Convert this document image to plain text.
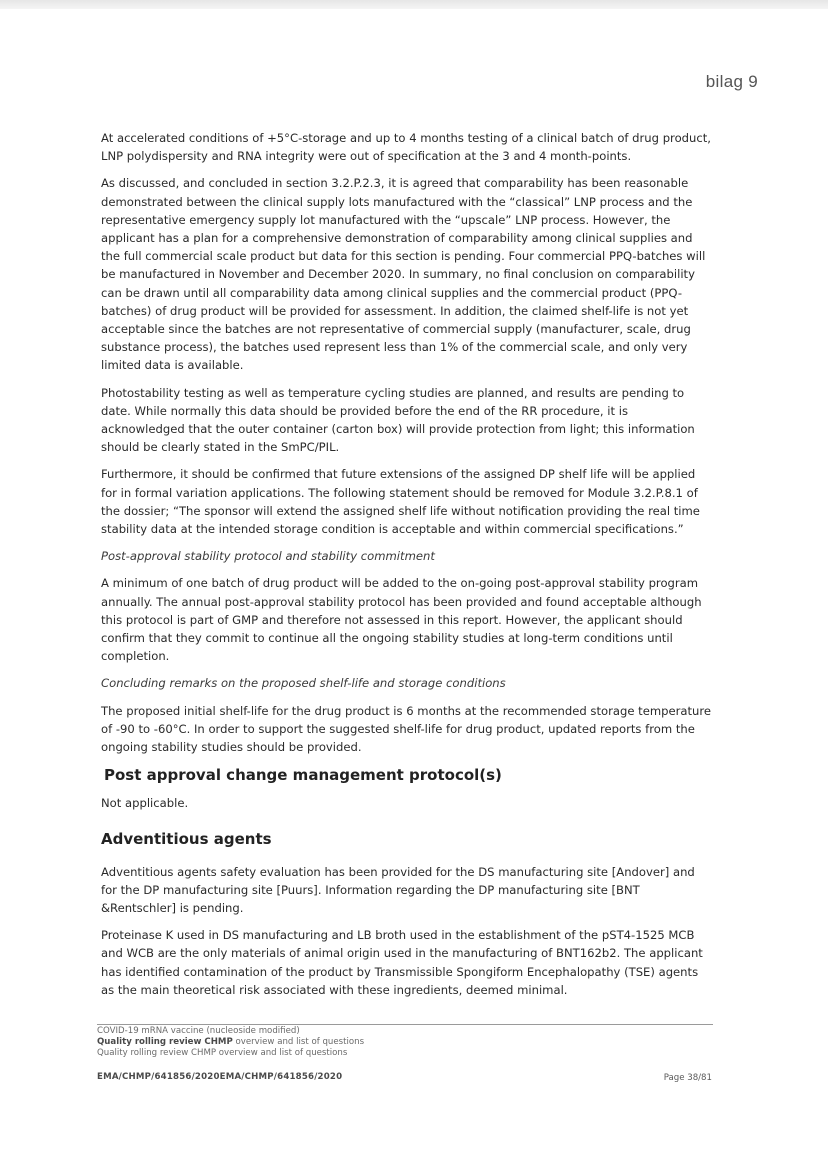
bilag 9

At accelerated conditions of +5°C-storage and up to 4 months testing of a clinical batch of drug product, LNP polydispersity and RNA integrity were out of specification at the 3 and 4 month-points.

As discussed, and concluded in section 3.2.P.2.3, it is agreed that comparability has been reasonable demonstrated between the clinical supply lots manufactured with the “classical” LNP process and the representative emergency supply lot manufactured with the “upscale” LNP process. However, the applicant has a plan for a comprehensive demonstration of comparability among clinical supplies and the full commercial scale product but data for this section is pending. Four commercial PPQ-batches will be manufactured in November and December 2020. In summary, no final conclusion on comparability can be drawn until all comparability data among clinical supplies and the commercial product (PPQ-batches) of drug product will be provided for assessment. In addition, the claimed shelf-life is not yet acceptable since the batches are not representative of commercial supply (manufacturer, scale, drug substance process), the batches used represent less than 1% of the commercial scale, and only very limited data is available.

Photostability testing as well as temperature cycling studies are planned, and results are pending to date. While normally this data should be provided before the end of the RR procedure, it is acknowledged that the outer container (carton box) will provide protection from light; this information should be clearly stated in the SmPC/PIL.

Furthermore, it should be confirmed that future extensions of the assigned DP shelf life will be applied for in formal variation applications. The following statement should be removed for Module 3.2.P.8.1 of the dossier; “The sponsor will extend the assigned shelf life without notification providing the real time stability data at the intended storage condition is acceptable and within commercial specifications.”

Post-approval stability protocol and stability commitment

A minimum of one batch of drug product will be added to the on-going post-approval stability program annually. The annual post-approval stability protocol has been provided and found acceptable although this protocol is part of GMP and therefore not assessed in this report. However, the applicant should confirm that they commit to continue all the ongoing stability studies at long-term conditions until completion.

Concluding remarks on the proposed shelf-life and storage conditions

The proposed initial shelf-life for the drug product is 6 months at the recommended storage temperature of -90 to -60°C. In order to support the suggested shelf-life for drug product, updated reports from the ongoing stability studies should be provided.

Post approval change management protocol(s)

Not applicable.

Adventitious agents

Adventitious agents safety evaluation has been provided for the DS manufacturing site [Andover] and for the DP manufacturing site [Puurs]. Information regarding the DP manufacturing site [BNT &Rentschler] is pending.

Proteinase K used in DS manufacturing and LB broth used in the establishment of the pST4-1525 MCB and WCB are the only materials of animal origin used in the manufacturing of BNT162b2. The applicant has identified contamination of the product by Transmissible Spongiform Encephalopathy (TSE) agents as the main theoretical risk associated with these ingredients, deemed minimal.

COVID-19 mRNA vaccine (nucleoside modified)
Quality rolling review CHMP overview and list of questions
Quality rolling review CHMP overview and list of questions
EMA/CHMP/641856/2020EMA/CHMP/641856/2020	Page 38/81
